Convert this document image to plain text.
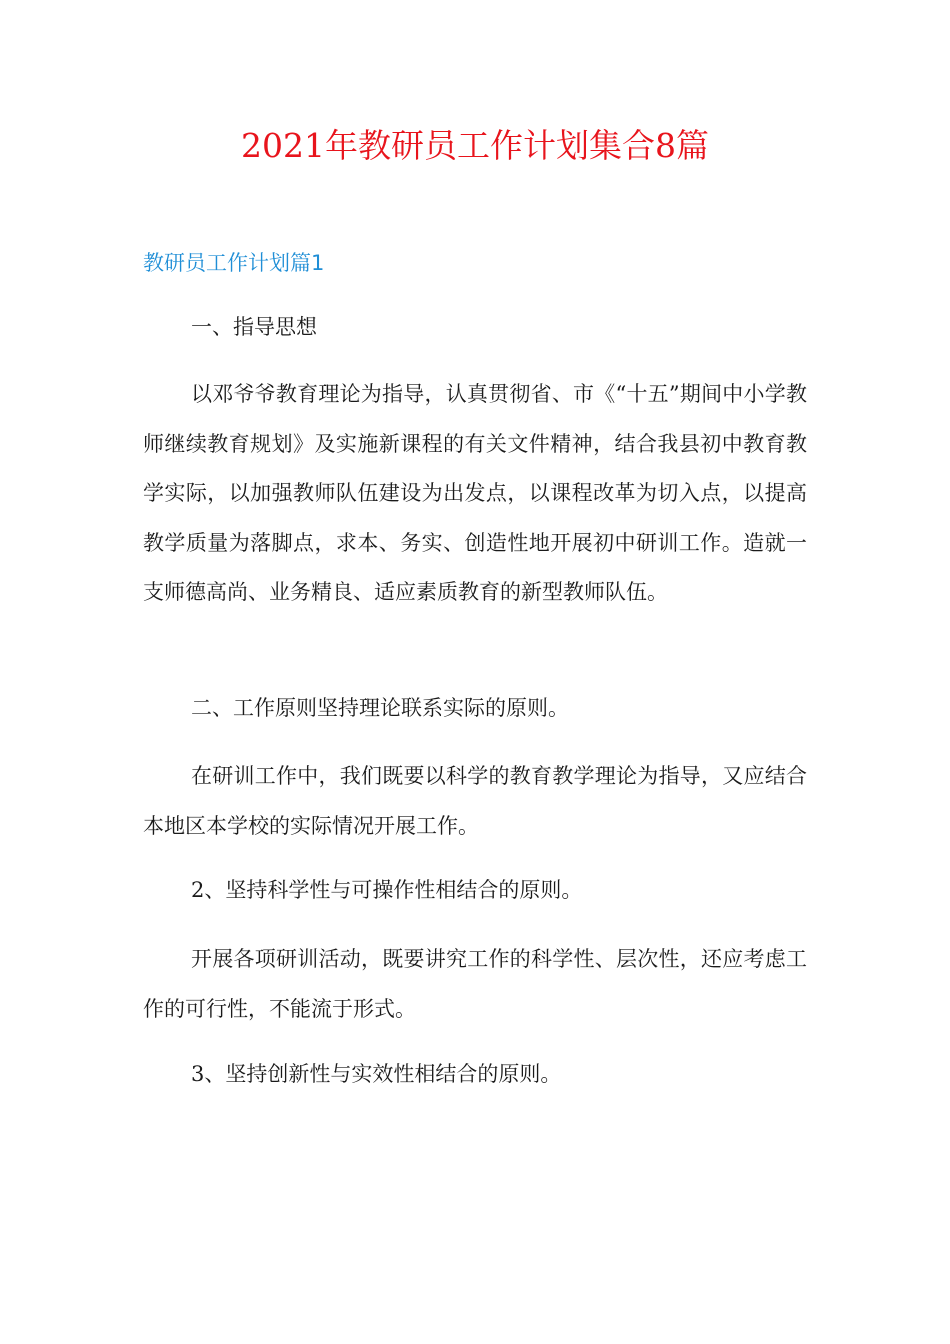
2021年教研员工作计划集合8篇
教研员工作计划篇1

一、指导思想

以邓爷爷教育理论为指导，认真贯彻省、市《“十五”期间中小学教师继续教育规划》及实施新课程的有关文件精神，结合我县初中教育教学实际，以加强教师队伍建设为出发点，以课程改革为切入点，以提高教学质量为落脚点，求本、务实、创造性地开展初中研训工作。造就一支师德高尚、业务精良、适应素质教育的新型教师队伍。

二、工作原则坚持理论联系实际的原则。

在研训工作中，我们既要以科学的教育教学理论为指导，又应结合本地区本学校的实际情况开展工作。

2、坚持科学性与可操作性相结合的原则。

开展各项研训活动，既要讲究工作的科学性、层次性，还应考虑工作的可行性，不能流于形式。

3、坚持创新性与实效性相结合的原则。
